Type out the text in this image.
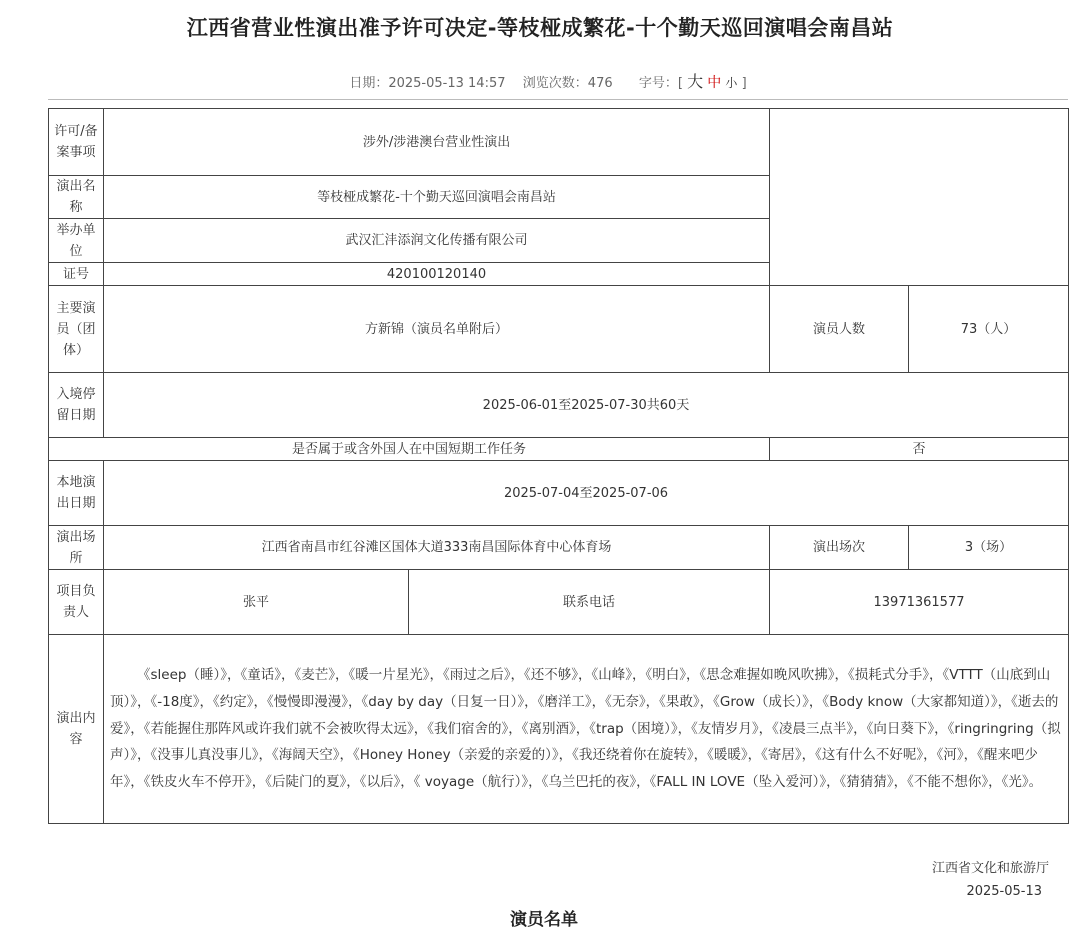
江西省营业性演出准予许可决定-等枝桠成繁花-十个勤天巡回演唱会南昌站
日期：2025-05-13 14:57 浏览次数：476 字号：[ 大 中 小 ]
许可/备案事项	涉外/涉港澳台营业性演出			
演出名称	等枝桠成繁花-十个勤天巡回演唱会南昌站			
举办单位	武汉汇沣添润文化传播有限公司			
证号	420100120140			
主要演员（团体）	方新锦（演员名单附后）		演员人数	73（人）
入境停留日期	2025-06-01至2025-07-30共60天			
是否属于或含外国人在中国短期工作任务			否	
本地演出日期	2025-07-04至2025-07-06			
演出场所	江西省南昌市红谷滩区国体大道333南昌国际体育中心体育场		演出场次	3（场）
项目负责人	张平	联系电话	13971361577	
演出内容	《sleep（睡）》，《童话》，《麦芒》，《暖一片星光》，《雨过之后》，《还不够》，《山峰》，《明白》，《思念难握如晚风吹拂》，《损耗式分手》，《VTTT（山底到山顶）》，《-18度》，《约定》，《慢慢即漫漫》，《day by day（日复一日）》，《磨洋工》，《无奈》，《果敢》，《Grow（成长）》，《Body know（大家都知道）》，《逝去的爱》，《若能握住那阵风或许我们就不会被吹得太远》，《我们宿舍的》，《离别酒》，《trap（困境）》，《友情岁月》，《凌晨三点半》，《向日葵下》，《ringringring（拟声）》，《没事儿真没事儿》，《海阔天空》，《Honey Honey（亲爱的亲爱的）》，《我还绕着你在旋转》，《暖暖》，《寄居》，《这有什么不好呢》，《河》，《醒来吧少年》，《铁皮火车不停开》，《后陡门的夏》，《以后》，《 voyage（航行）》，《乌兰巴托的夜》，《FALL IN LOVE（坠入爱河）》，《猜猜猜》，《不能不想你》，《光》。			
江西省文化和旅游厅
2025-05-13
演员名单
